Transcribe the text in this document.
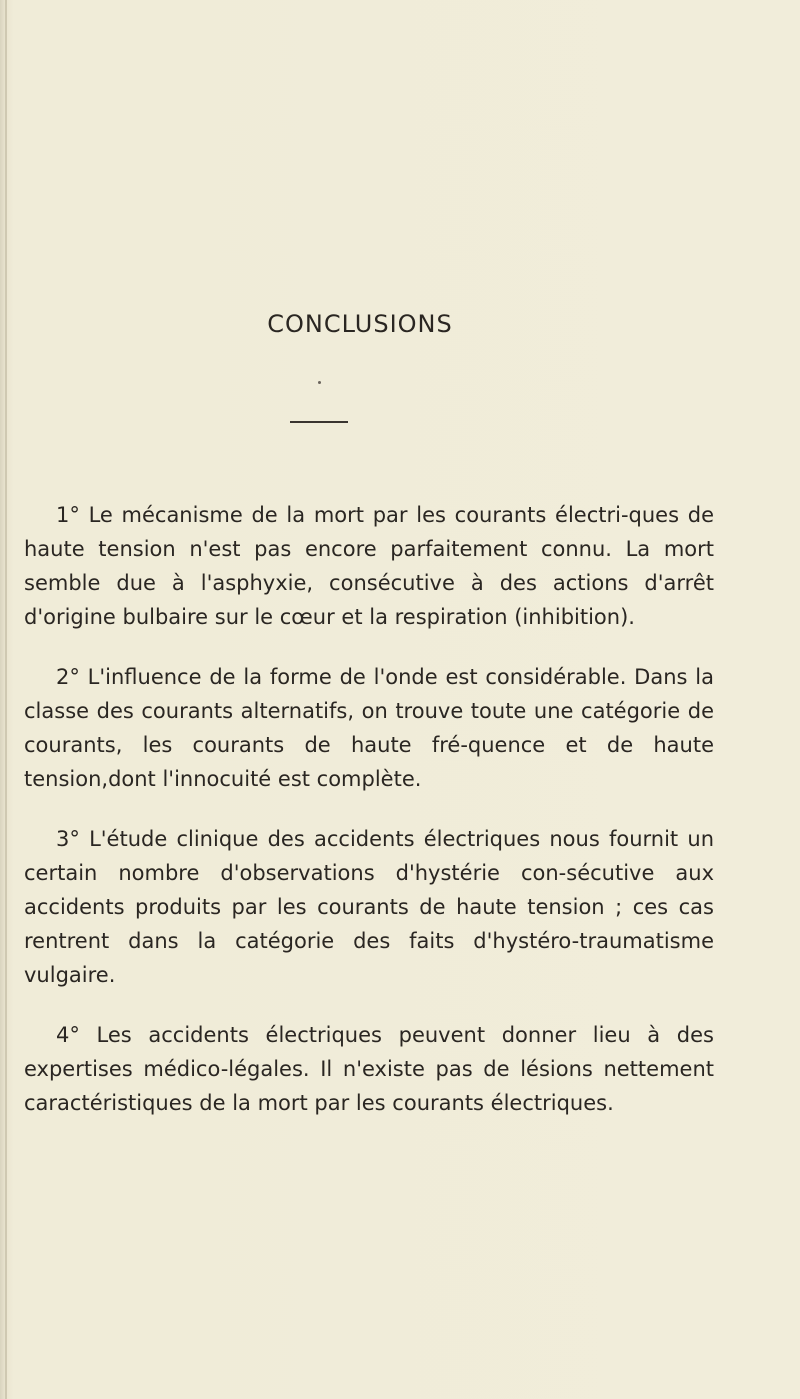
CONCLUSIONS

1° Le mécanisme de la mort par les courants électri-ques de haute tension n'est pas encore parfaitement connu. La mort semble due à l'asphyxie, consécutive à des actions d'arrêt d'origine bulbaire sur le cœur et la respiration (inhibition).

2° L'influence de la forme de l'onde est considérable. Dans la classe des courants alternatifs, on trouve toute une catégorie de courants, les courants de haute fré-quence et de haute tension,dont l'innocuité est complète.

3° L'étude clinique des accidents électriques nous fournit un certain nombre d'observations d'hystérie con-sécutive aux accidents produits par les courants de haute tension ; ces cas rentrent dans la catégorie des faits d'hystéro-traumatisme vulgaire.

4° Les accidents électriques peuvent donner lieu à des expertises médico-légales. Il n'existe pas de lésions nettement caractéristiques de la mort par les courants électriques.
